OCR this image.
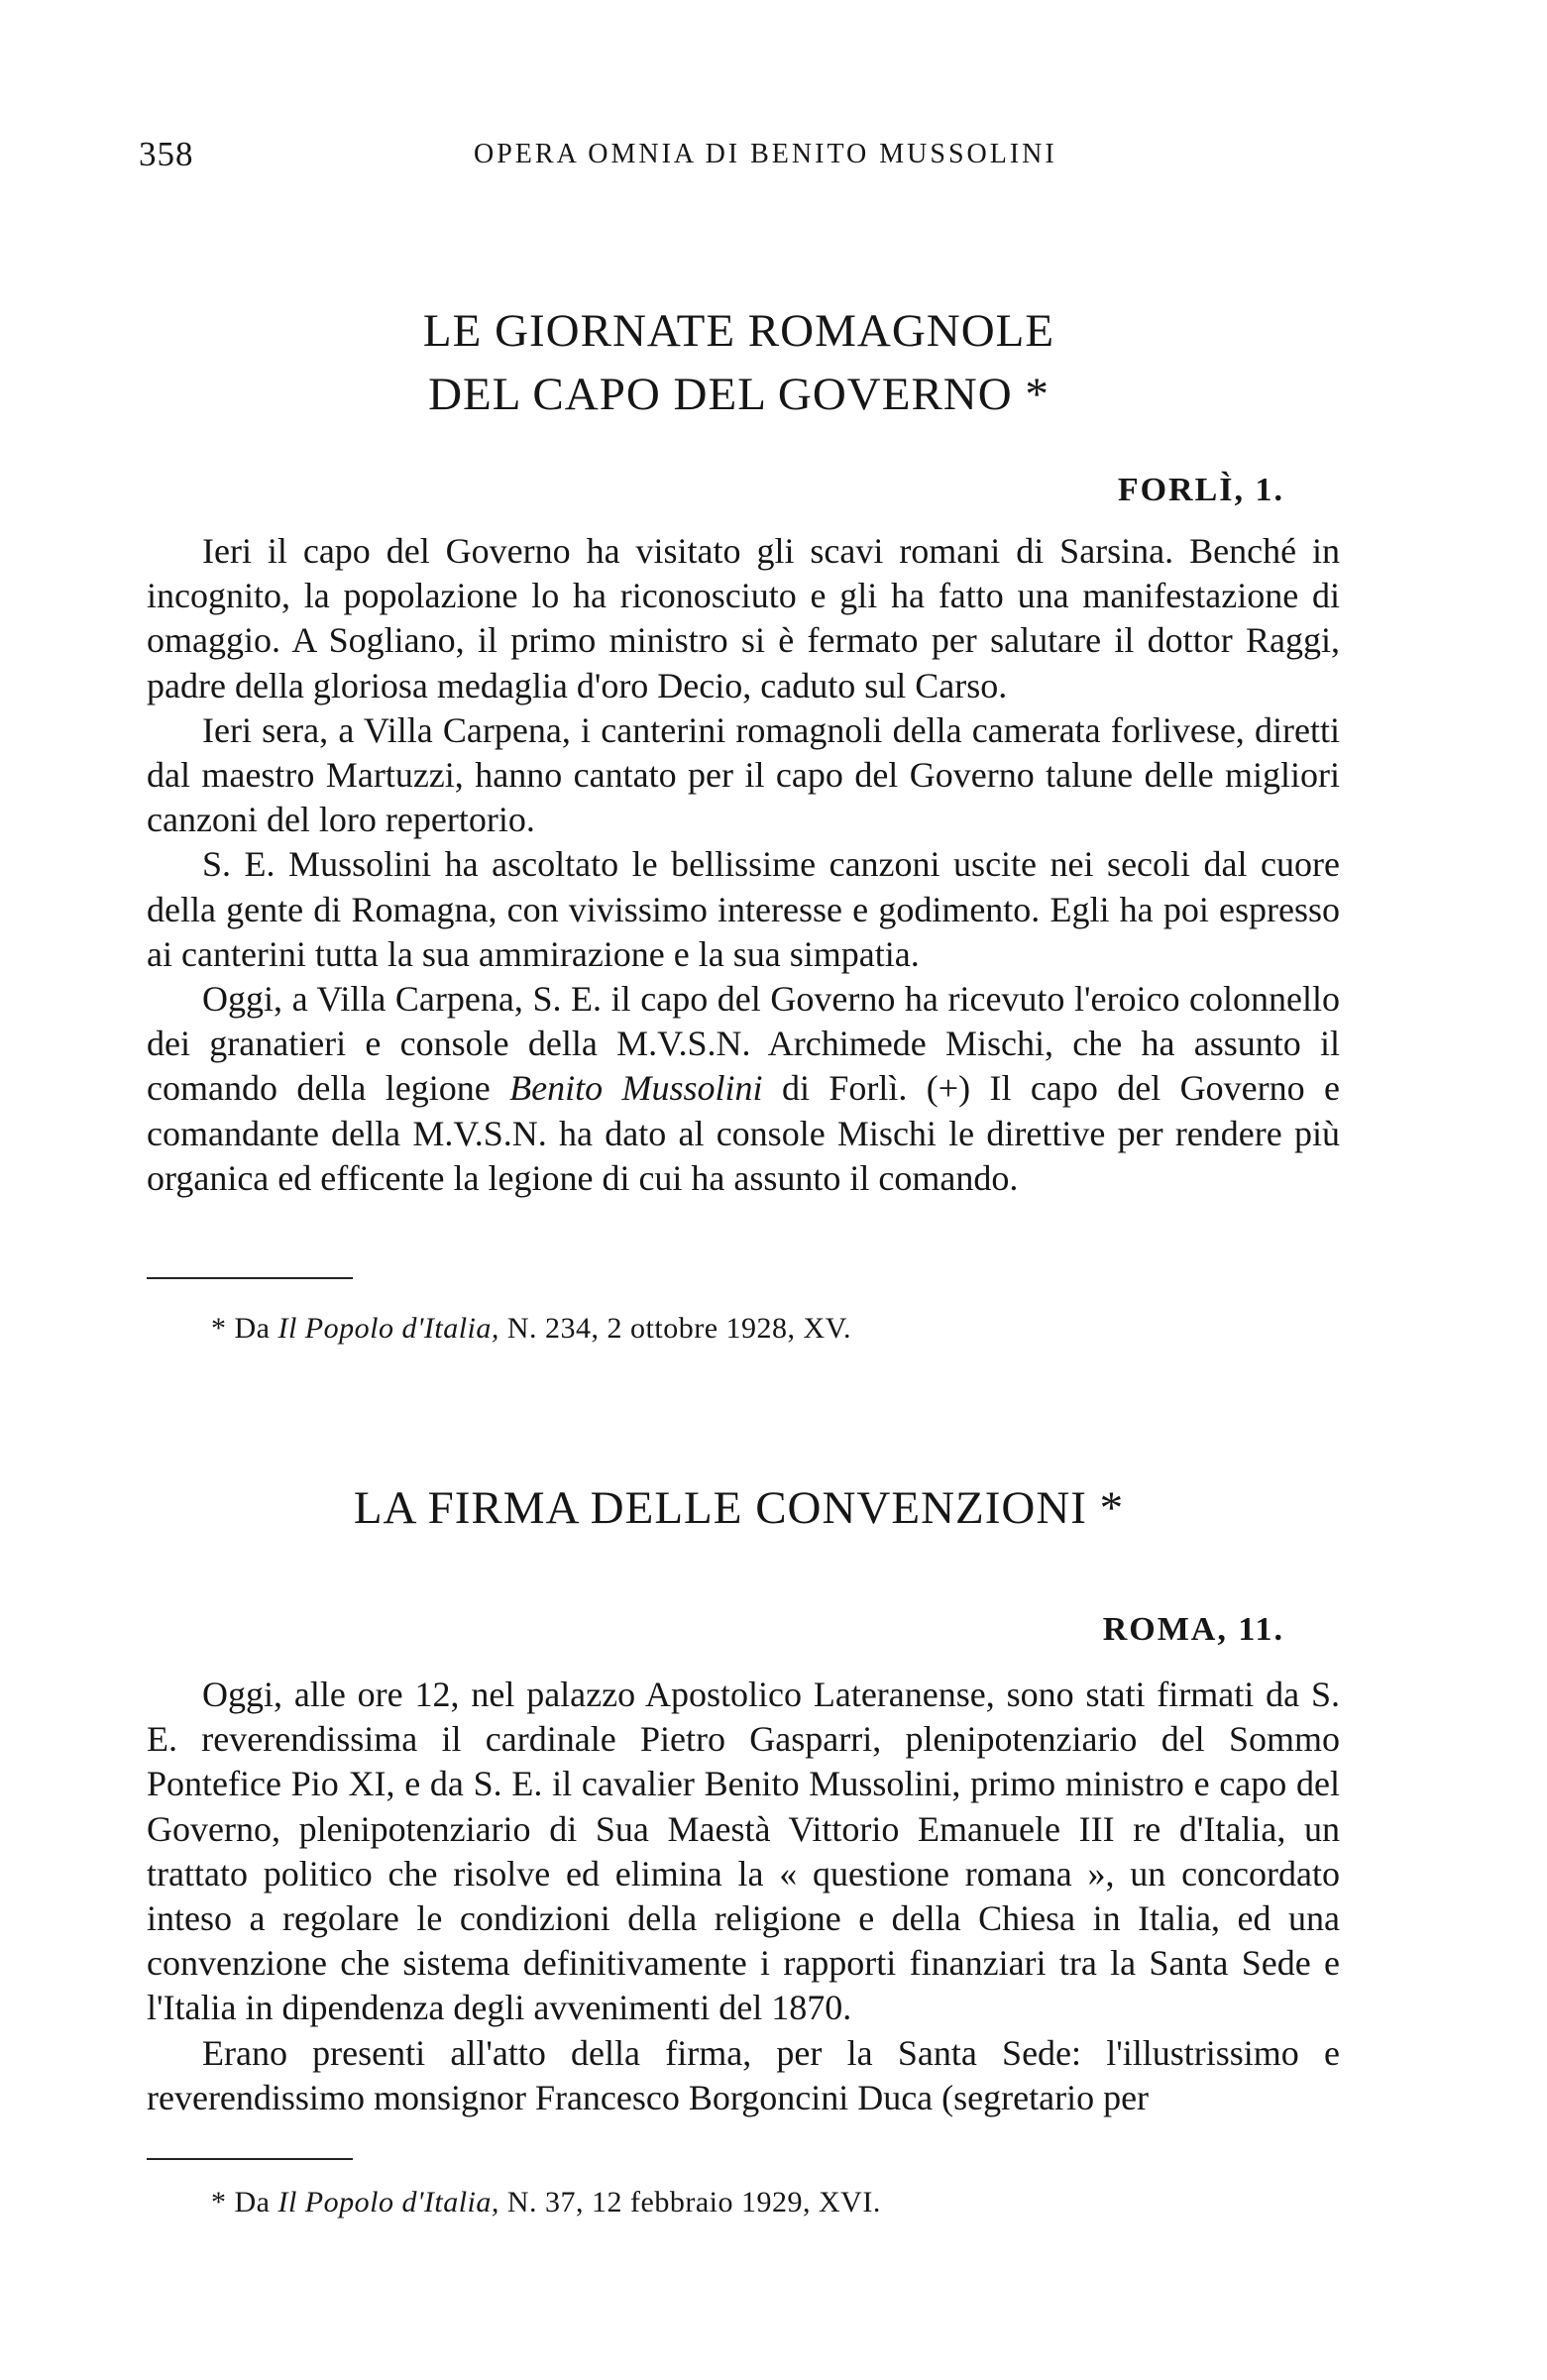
358	OPERA OMNIA DI BENITO MUSSOLINI
LE GIORNATE ROMAGNOLE
DEL CAPO DEL GOVERNO *
FORLÌ, 1.

Ieri il capo del Governo ha visitato gli scavi romani di Sarsina. Benché in incognito, la popolazione lo ha riconosciuto e gli ha fatto una manifestazione di omaggio. A Sogliano, il primo ministro si è fermato per salutare il dottor Raggi, padre della gloriosa medaglia d'oro Decio, caduto sul Carso.

Ieri sera, a Villa Carpena, i canterini romagnoli della camerata forlivese, diretti dal maestro Martuzzi, hanno cantato per il capo del Governo talune delle migliori canzoni del loro repertorio.

S. E. Mussolini ha ascoltato le bellissime canzoni uscite nei secoli dal cuore della gente di Romagna, con vivissimo interesse e godimento. Egli ha poi espresso ai canterini tutta la sua ammirazione e la sua simpatia.

Oggi, a Villa Carpena, S. E. il capo del Governo ha ricevuto l'eroico colonnello dei granatieri e console della M.V.S.N. Archimede Mischi, che ha assunto il comando della legione Benito Mussolini di Forlì. (+) Il capo del Governo e comandante della M.V.S.N. ha dato al console Mischi le direttive per rendere più organica ed efficente la legione di cui ha assunto il comando.

* Da Il Popolo d'Italia, N. 234, 2 ottobre 1928, XV.
LA FIRMA DELLE CONVENZIONI *
ROMA, 11.

Oggi, alle ore 12, nel palazzo Apostolico Lateranense, sono stati firmati da S. E. reverendissima il cardinale Pietro Gasparri, plenipotenziario del Sommo Pontefice Pio XI, e da S. E. il cavalier Benito Mussolini, primo ministro e capo del Governo, plenipotenziario di Sua Maestà Vittorio Emanuele III re d'Italia, un trattato politico che risolve ed elimina la « questione romana », un concordato inteso a regolare le condizioni della religione e della Chiesa in Italia, ed una convenzione che sistema definitivamente i rapporti finanziari tra la Santa Sede e l'Italia in dipendenza degli avvenimenti del 1870.

Erano presenti all'atto della firma, per la Santa Sede: l'illustrissimo e reverendissimo monsignor Francesco Borgoncini Duca (segretario per

* Da Il Popolo d'Italia, N. 37, 12 febbraio 1929, XVI.
